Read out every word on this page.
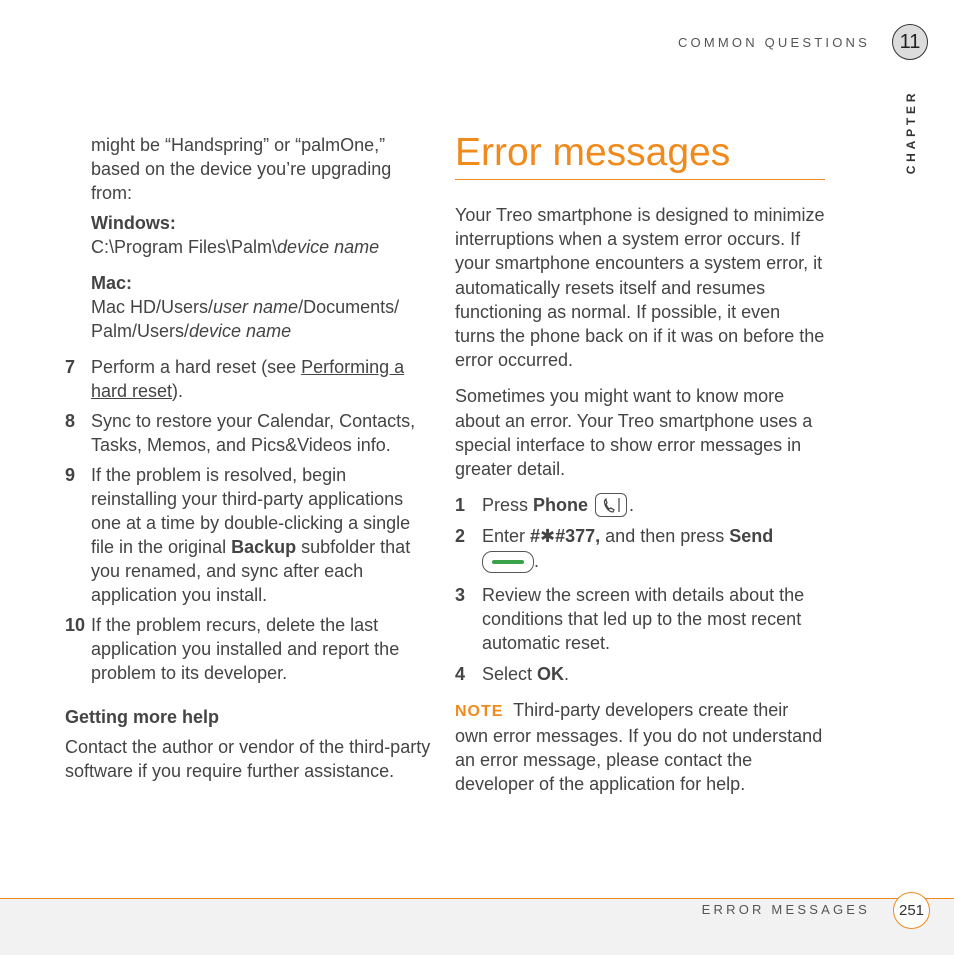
COMMON QUESTIONS	11
CHAPTER

might be “Handspring” or “palmOne,” based on the device you’re upgrading from:

Windows:

C:\Program Files\Palm\device name

Mac:

Mac HD/Users/user name/Documents/ Palm/Users/device name

7 Perform a hard reset (see Performing a hard reset).
8 Sync to restore your Calendar, Contacts, Tasks, Memos, and Pics&Videos info.
9 If the problem is resolved, begin reinstalling your third-party applications one at a time by double-clicking a single file in the original Backup subfolder that you renamed, and sync after each application you install.
10 If the problem recurs, delete the last application you installed and report the problem to its developer.

Getting more help

Contact the author or vendor of the third-party software if you require further assistance.

Error messages

Your Treo smartphone is designed to minimize interruptions when a system error occurs. If your smartphone encounters a system error, it automatically resets itself and resumes functioning as normal. If possible, it even turns the phone back on if it was on before the error occurred.

Sometimes you might want to know more about an error. Your Treo smartphone uses a special interface to show error messages in greater detail.

1 Press Phone .
2 Enter #✱#377, and then press Send
.
3 Review the screen with details about the conditions that led up to the most recent automatic reset.
4 Select OK.

NOTE Third-party developers create their own error messages. If you do not understand an error message, please contact the developer of the application for help.

ERROR MESSAGES	251
